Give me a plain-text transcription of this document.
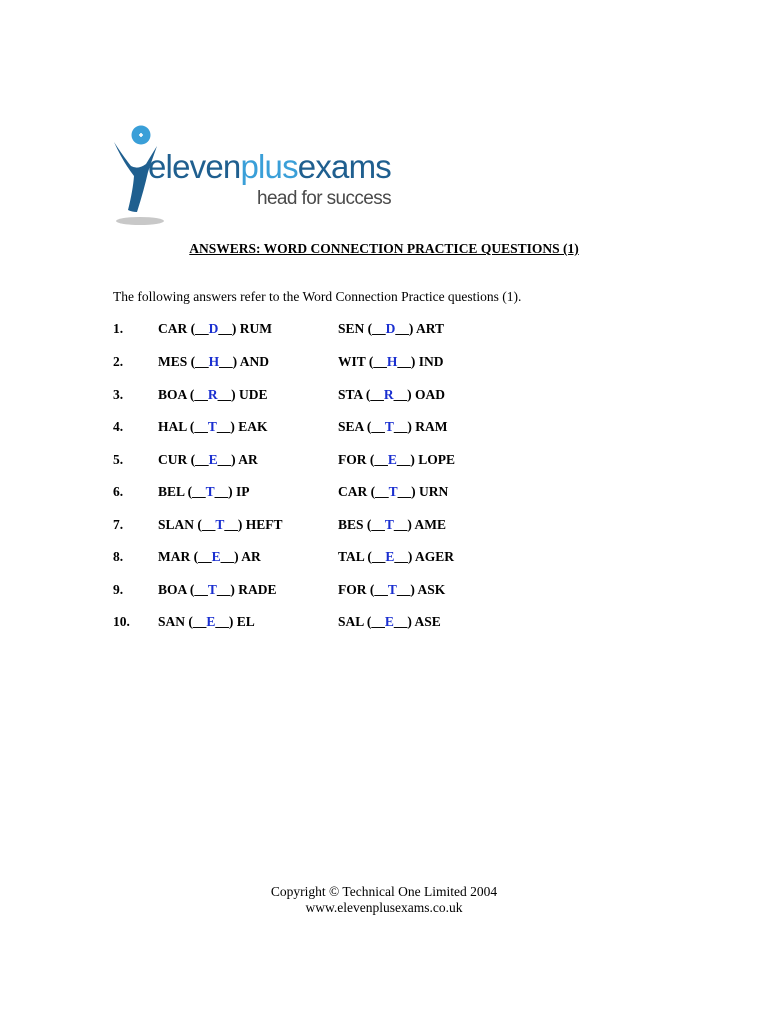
elevenplusexams
head for success
ANSWERS: WORD CONNECTION PRACTICE QUESTIONS (1)
The following answers refer to the Word Connection Practice questions (1).
1.	CAR (__D__) RUM	SEN (__D__) ART
2.	MES (__H__) AND	WIT (__H__) IND
3.	BOA (__R__) UDE	STA (__R__) OAD
4.	HAL (__T__) EAK	SEA (__T__) RAM
5.	CUR (__E__) AR	FOR (__E__) LOPE
6.	BEL (__T__) IP	CAR (__T__) URN
7.	SLAN (__T__) HEFT	BES (__T__) AME
8.	MAR (__E__) AR	TAL (__E__) AGER
9.	BOA (__T__) RADE	FOR (__T__) ASK
10. SAN (__E__) EL	SAL (__E__) ASE
Copyright © Technical One Limited 2004
www.elevenplusexams.co.uk
